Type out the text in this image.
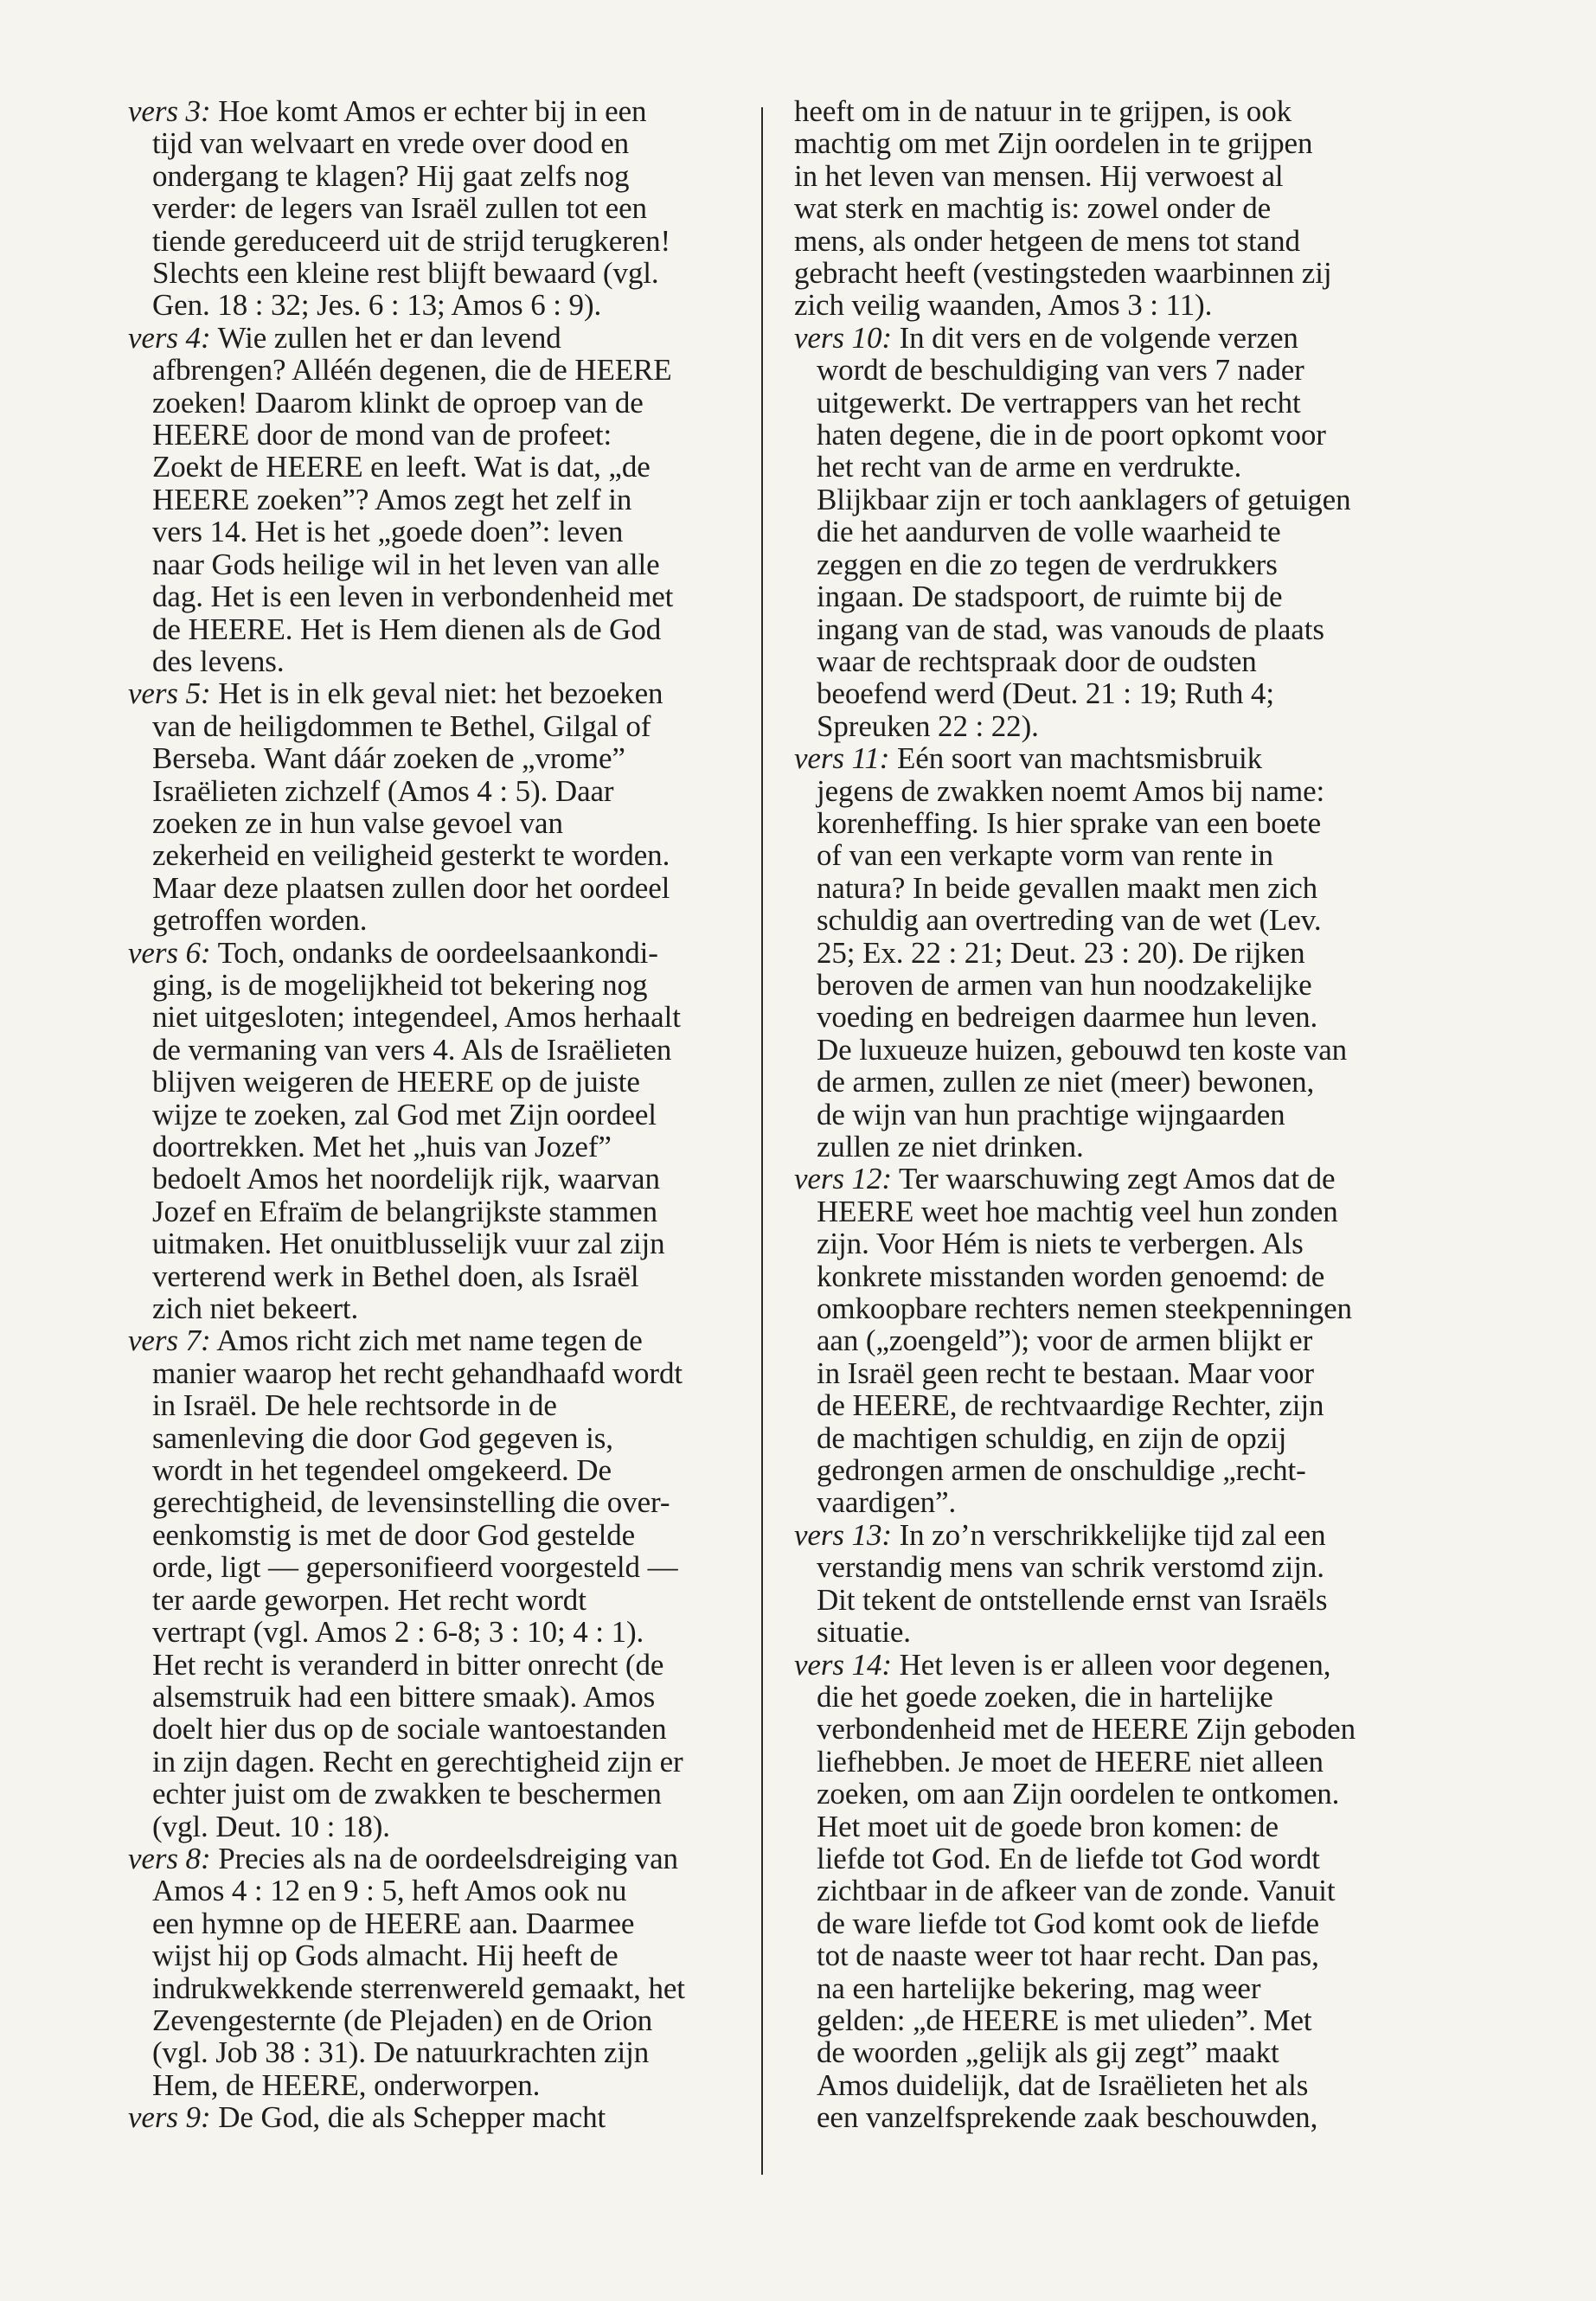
vers 3: Hoe komt Amos er echter bij in een
tijd van welvaart en vrede over dood en
ondergang te klagen? Hij gaat zelfs nog
verder: de legers van Israël zullen tot een
tiende gereduceerd uit de strijd terugkeren!
Slechts een kleine rest blijft bewaard (vgl.
Gen. 18 : 32; Jes. 6 : 13; Amos 6 : 9).
vers 4: Wie zullen het er dan levend
afbrengen? Alléén degenen, die de HEERE
zoeken! Daarom klinkt de oproep van de
HEERE door de mond van de profeet:
Zoekt de HEERE en leeft. Wat is dat, „de
HEERE zoeken”? Amos zegt het zelf in
vers 14. Het is het „goede doen”: leven
naar Gods heilige wil in het leven van alle
dag. Het is een leven in verbondenheid met
de HEERE. Het is Hem dienen als de God
des levens.
vers 5: Het is in elk geval niet: het bezoeken
van de heiligdommen te Bethel, Gilgal of
Berseba. Want dáár zoeken de „vrome”
Israëlieten zichzelf (Amos 4 : 5). Daar
zoeken ze in hun valse gevoel van
zekerheid en veiligheid gesterkt te worden.
Maar deze plaatsen zullen door het oordeel
getroffen worden.
vers 6: Toch, ondanks de oordeelsaankondi-
ging, is de mogelijkheid tot bekering nog
niet uitgesloten; integendeel, Amos herhaalt
de vermaning van vers 4. Als de Israëlieten
blijven weigeren de HEERE op de juiste
wijze te zoeken, zal God met Zijn oordeel
doortrekken. Met het „huis van Jozef”
bedoelt Amos het noordelijk rijk, waarvan
Jozef en Efraïm de belangrijkste stammen
uitmaken. Het onuitblusselijk vuur zal zijn
verterend werk in Bethel doen, als Israël
zich niet bekeert.
vers 7: Amos richt zich met name tegen de
manier waarop het recht gehandhaafd wordt
in Israël. De hele rechtsorde in de
samenleving die door God gegeven is,
wordt in het tegendeel omgekeerd. De
gerechtigheid, de levensinstelling die over-
eenkomstig is met de door God gestelde
orde, ligt — gepersonifieerd voorgesteld —
ter aarde geworpen. Het recht wordt
vertrapt (vgl. Amos 2 : 6-8; 3 : 10; 4 : 1).
Het recht is veranderd in bitter onrecht (de
alsemstruik had een bittere smaak). Amos
doelt hier dus op de sociale wantoestanden
in zijn dagen. Recht en gerechtigheid zijn er
echter juist om de zwakken te beschermen
(vgl. Deut. 10 : 18).
vers 8: Precies als na de oordeelsdreiging van
Amos 4 : 12 en 9 : 5, heft Amos ook nu
een hymne op de HEERE aan. Daarmee
wijst hij op Gods almacht. Hij heeft de
indrukwekkende sterrenwereld gemaakt, het
Zevengesternte (de Plejaden) en de Orion
(vgl. Job 38 : 31). De natuurkrachten zijn
Hem, de HEERE, onderworpen.
vers 9: De God, die als Schepper macht
heeft om in de natuur in te grijpen, is ook
machtig om met Zijn oordelen in te grijpen
in het leven van mensen. Hij verwoest al
wat sterk en machtig is: zowel onder de
mens, als onder hetgeen de mens tot stand
gebracht heeft (vestingsteden waarbinnen zij
zich veilig waanden, Amos 3 : 11).
vers 10: In dit vers en de volgende verzen
wordt de beschuldiging van vers 7 nader
uitgewerkt. De vertrappers van het recht
haten degene, die in de poort opkomt voor
het recht van de arme en verdrukte.
Blijkbaar zijn er toch aanklagers of getuigen
die het aandurven de volle waarheid te
zeggen en die zo tegen de verdrukkers
ingaan. De stadspoort, de ruimte bij de
ingang van de stad, was vanouds de plaats
waar de rechtspraak door de oudsten
beoefend werd (Deut. 21 : 19; Ruth 4;
Spreuken 22 : 22).
vers 11: Eén soort van machtsmisbruik
jegens de zwakken noemt Amos bij name:
korenheffing. Is hier sprake van een boete
of van een verkapte vorm van rente in
natura? In beide gevallen maakt men zich
schuldig aan overtreding van de wet (Lev.
25; Ex. 22 : 21; Deut. 23 : 20). De rijken
beroven de armen van hun noodzakelijke
voeding en bedreigen daarmee hun leven.
De luxueuze huizen, gebouwd ten koste van
de armen, zullen ze niet (meer) bewonen,
de wijn van hun prachtige wijngaarden
zullen ze niet drinken.
vers 12: Ter waarschuwing zegt Amos dat de
HEERE weet hoe machtig veel hun zonden
zijn. Voor Hém is niets te verbergen. Als
konkrete misstanden worden genoemd: de
omkoopbare rechters nemen steekpenningen
aan („zoengeld”); voor de armen blijkt er
in Israël geen recht te bestaan. Maar voor
de HEERE, de rechtvaardige Rechter, zijn
de machtigen schuldig, en zijn de opzij
gedrongen armen de onschuldige „recht-
vaardigen”.
vers 13: In zo’n verschrikkelijke tijd zal een
verstandig mens van schrik verstomd zijn.
Dit tekent de ontstellende ernst van Israëls
situatie.
vers 14: Het leven is er alleen voor degenen,
die het goede zoeken, die in hartelijke
verbondenheid met de HEERE Zijn geboden
liefhebben. Je moet de HEERE niet alleen
zoeken, om aan Zijn oordelen te ontkomen.
Het moet uit de goede bron komen: de
liefde tot God. En de liefde tot God wordt
zichtbaar in de afkeer van de zonde. Vanuit
de ware liefde tot God komt ook de liefde
tot de naaste weer tot haar recht. Dan pas,
na een hartelijke bekering, mag weer
gelden: „de HEERE is met ulieden”. Met
de woorden „gelijk als gij zegt” maakt
Amos duidelijk, dat de Israëlieten het als
een vanzelfsprekende zaak beschouwden,
